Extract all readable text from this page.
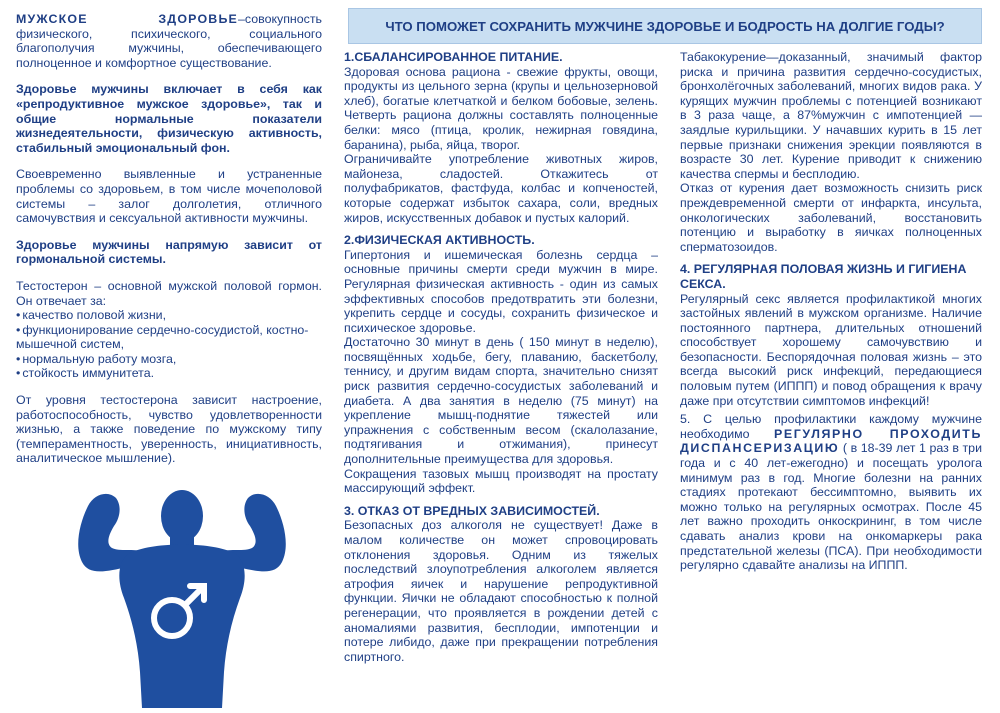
МУЖСКОЕ ЗДОРОВЬЕ–совокупность физического, психического, социального благополучия мужчины, обеспечивающего полноценное и комфортное существование.

Здоровье мужчины включает в себя как «репродуктивное мужское здоровье», так и общие нормальные показатели жизнедеятельности, физическую активность, стабильный эмоциональный фон.

Своевременно выявленные и устраненные проблемы со здоровьем, в том числе мочеполовой системы – залог долголетия, отличного самочувствия и сексуальной активности мужчины.

Здоровье мужчины напрямую зависит от гормональной системы.

Тестостерон – основной мужской половой гормон. Он отвечает за:

• качество половой жизни,
• функционирование сердечно-сосудистой, костно-мышечной систем,
• нормальную работу мозга,
• стойкость иммунитета.

От уровня тестостерона зависит настроение, работоспособность, чувство удовлетворенности жизнью, а также поведение по мужскому типу (темпераментность, уверенность, инициативность, аналитическое мышление).

ЧТО ПОМОЖЕТ СОХРАНИТЬ МУЖЧИНЕ ЗДОРОВЬЕ И БОДРОСТЬ НА ДОЛГИЕ ГОДЫ?
1.СБАЛАНСИРОВАННОЕ ПИТАНИЕ.

Здоровая основа рациона - свежие фрукты, овощи, продукты из цельного зерна (крупы и цельнозерновой хлеб), богатые клетчаткой и белком бобовые, зелень. Четверть рациона должны составлять полноценные белки: мясо (птица, кролик, нежирная говядина, баранина), рыба, яйца, творог.

Ограничивайте употребление животных жиров, майонеза, сладостей. Откажитесь от полуфабрикатов, фастфуда, колбас и копченостей, которые содержат избыток сахара, соли, вредных жиров, искусственных добавок и пустых калорий.

2.ФИЗИЧЕСКАЯ АКТИВНОСТЬ.

Гипертония и ишемическая болезнь сердца – основные причины смерти среди мужчин в мире. Регулярная физическая активность - один из самых эффективных способов предотвратить эти болезни, укрепить сердце и сосуды, сохранить физическое и психическое здоровье.

Достаточно 30 минут в день ( 150 минут в неделю), посвящённых ходьбе, бегу, плаванию, баскетболу, теннису, и другим видам спорта, значительно снизят риск развития сердечно-сосудистых заболеваний и диабета. А два занятия в неделю (75 минут) на укрепление мышц-поднятие тяжестей или упражнения с собственным весом (скалолазание, подтягивания и отжимания), принесут дополнительные преимущества для здоровья.

Сокращения тазовых мышц производят на простату массирующий эффект.

3. ОТКАЗ ОТ ВРЕДНЫХ ЗАВИСИМОСТЕЙ.

Безопасных доз алкоголя не существует! Даже в малом количестве он может спровоцировать отклонения здоровья. Одним из тяжелых последствий злоупотребления алкоголем является атрофия яичек и нарушение репродуктивной функции. Яички не обладают способностью к полной регенерации, что проявляется в рождении детей с аномалиями развития, бесплодии, импотенции и потере либидо, даже при прекращении потребления спиртного.

Табакокурение—доказанный, значимый фактор риска и причина развития сердечно-сосудистых, бронхолёгочных заболеваний, многих видов рака. У курящих мужчин проблемы с потенцией возникают в 3 раза чаще, а 87%мужчин с импотенцией — заядлые курильщики. У начавших курить в 15 лет первые признаки снижения эрекции появляются в возрасте 30 лет. Курение приводит к снижению качества спермы и бесплодию.

Отказ от курения дает возможность снизить риск преждевременной смерти от инфаркта, инсульта, онкологических заболеваний, восстановить потенцию и выработку в яичках полноценных сперматозоидов.

4. РЕГУЛЯРНАЯ ПОЛОВАЯ ЖИЗНЬ И ГИГИЕНА СЕКСА.

Регулярный секс является профилактикой многих застойных явлений в мужском организме. Наличие постоянного партнера, длительных отношений способствует хорошему самочувствию и безопасности. Беспорядочная половая жизнь – это всегда высокий риск инфекций, передающиеся половым путем (ИППП) и повод обращения к врачу даже при отсутствии симптомов инфекций!

5. С целью профилактики каждому мужчине необходимо РЕГУЛЯРНО ПРОХОДИТЬ ДИСПАНСЕРИЗАЦИЮ ( в 18-39 лет 1 раз в три года и с 40 лет-ежегодно) и посещать уролога минимум раз в год. Многие болезни на ранних стадиях протекают бессимптомно, выявить их можно только на регулярных осмотрах. После 45 лет важно проходить онкоскрининг, в том числе сдавать анализ крови на онкомаркеры рака предстательной железы (ПСА). При необходимости регулярно сдавайте анализы на ИППП.
